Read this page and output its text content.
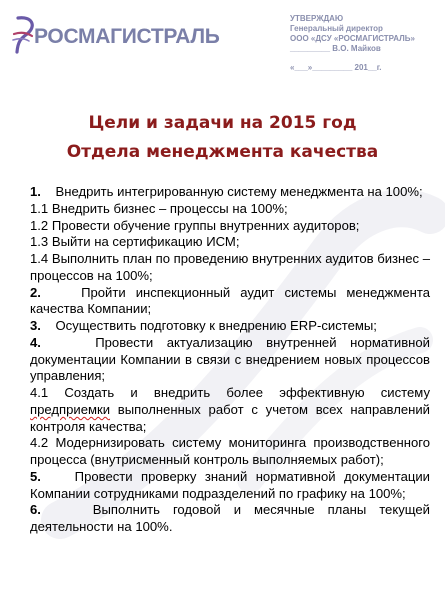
РОСМАГИСТРАЛЬ
УТВЕРЖДАЮ
Генеральный директор
ООО «ДСУ «РОСМАГИСТРАЛЬ»
_________ В.О. Майков
«___»_________ 201__г.
Цели и задачи на 2015 год
Отдела менеджмента качества

1. Внедрить интегрированную систему менеджмента на 100%;

1.1 Внедрить бизнес – процессы на 100%;

1.2 Провести обучение группы внутренних аудиторов;

1.3 Выйти на сертификацию ИСМ;

1.4 Выполнить план по проведению внутренних аудитов бизнес – процессов на 100%;

2.	Пройти инспекционный аудит системы менеджмента качества Компании;

3. Осуществить подготовку к внедрению ERP-системы;

4.	Провести актуализацию внутренней нормативной документации Компании в связи с внедрением новых процессов управления;

4.1 Создать и внедрить более эффективную систему предприемки выполненных работ с учетом всех направлений контроля качества;

4.2 Модернизировать систему мониторинга производственного процесса (внутрисменный контроль выполняемых работ);

5.	Провести проверку знаний нормативной документации Компании сотрудниками подразделений по графику на 100%;

6.	Выполнить годовой и месячные планы текущей деятельности на 100%.
